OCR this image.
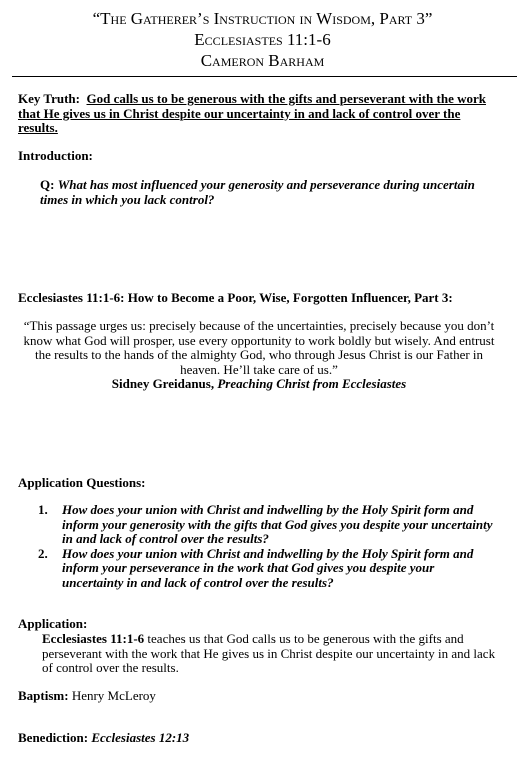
“The Gatherer’s Instruction in Wisdom, Part 3”
Ecclesiastes 11:1-6
Cameron Barham
Key Truth: God calls us to be generous with the gifts and perseverant with the work that He gives us in Christ despite our uncertainty in and lack of control over the results.
Introduction:
Q: What has most influenced your generosity and perseverance during uncertain times in which you lack control?
Ecclesiastes 11:1-6: How to Become a Poor, Wise, Forgotten Influencer, Part 3:
“This passage urges us: precisely because of the uncertainties, precisely because you don’t know what God will prosper, use every opportunity to work boldly but wisely. And entrust the results to the hands of the almighty God, who through Jesus Christ is our Father in heaven. He’ll take care of us.”
Sidney Greidanus, Preaching Christ from Ecclesiastes
Application Questions:
1. How does your union with Christ and indwelling by the Holy Spirit form and inform your generosity with the gifts that God gives you despite your uncertainty in and lack of control over the results?
2. How does your union with Christ and indwelling by the Holy Spirit form and inform your perseverance in the work that God gives you despite your uncertainty in and lack of control over the results?
Application:
Ecclesiastes 11:1-6 teaches us that God calls us to be generous with the gifts and perseverant with the work that He gives us in Christ despite our uncertainty in and lack of control over the results.
Baptism: Henry McLeroy
Benediction: Ecclesiastes 12:13
